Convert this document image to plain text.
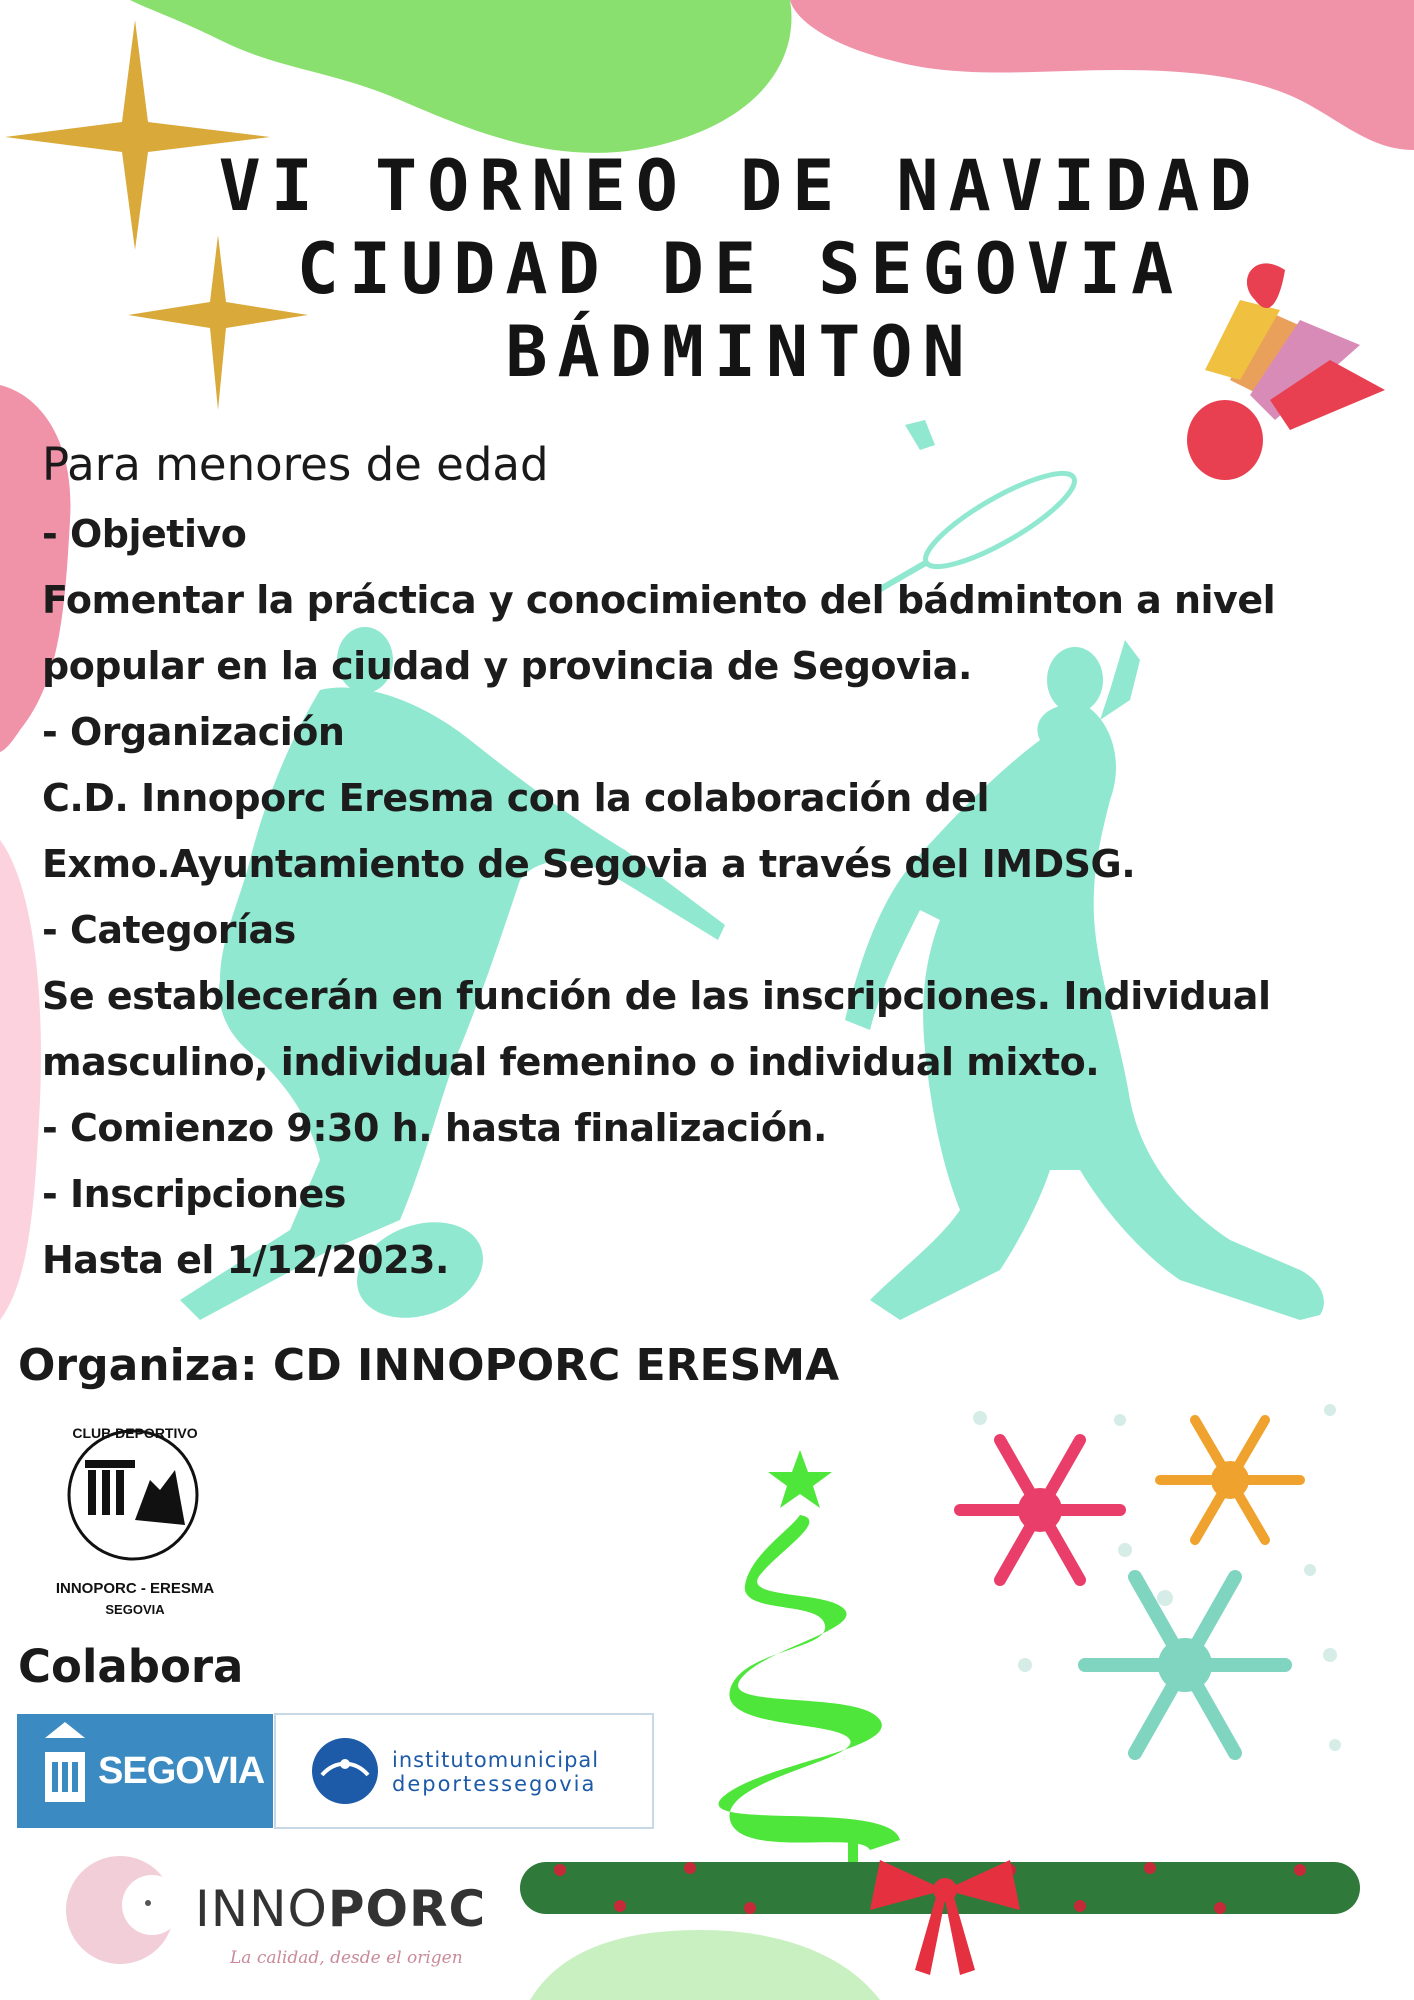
VI TORNEO DE NAVIDAD
CIUDAD DE SEGOVIA
BÁDMINTON
Para menores de edad
- Objetivo
Fomentar la práctica y conocimiento del bádminton a nivel
popular en la ciudad y provincia de Segovia.
- Organización
C.D. Innoporc Eresma con la colaboración del
Exmo.Ayuntamiento de Segovia a través del IMDSG.
- Categorías
Se establecerán en función de las inscripciones. Individual
masculino, individual femenino o individual mixto.
- Comienzo 9:30 h. hasta finalización.
- Inscripciones
Hasta el 1/12/2023.
Organiza: CD INNOPORC ERESMA
CLUB DEPORTIVO
INNOPORC - ERESMA
SEGOVIA
Colabora
SEGOVIA	institutomunicipal
deportessegovia
INNOPORC
La calidad, desde el origen
